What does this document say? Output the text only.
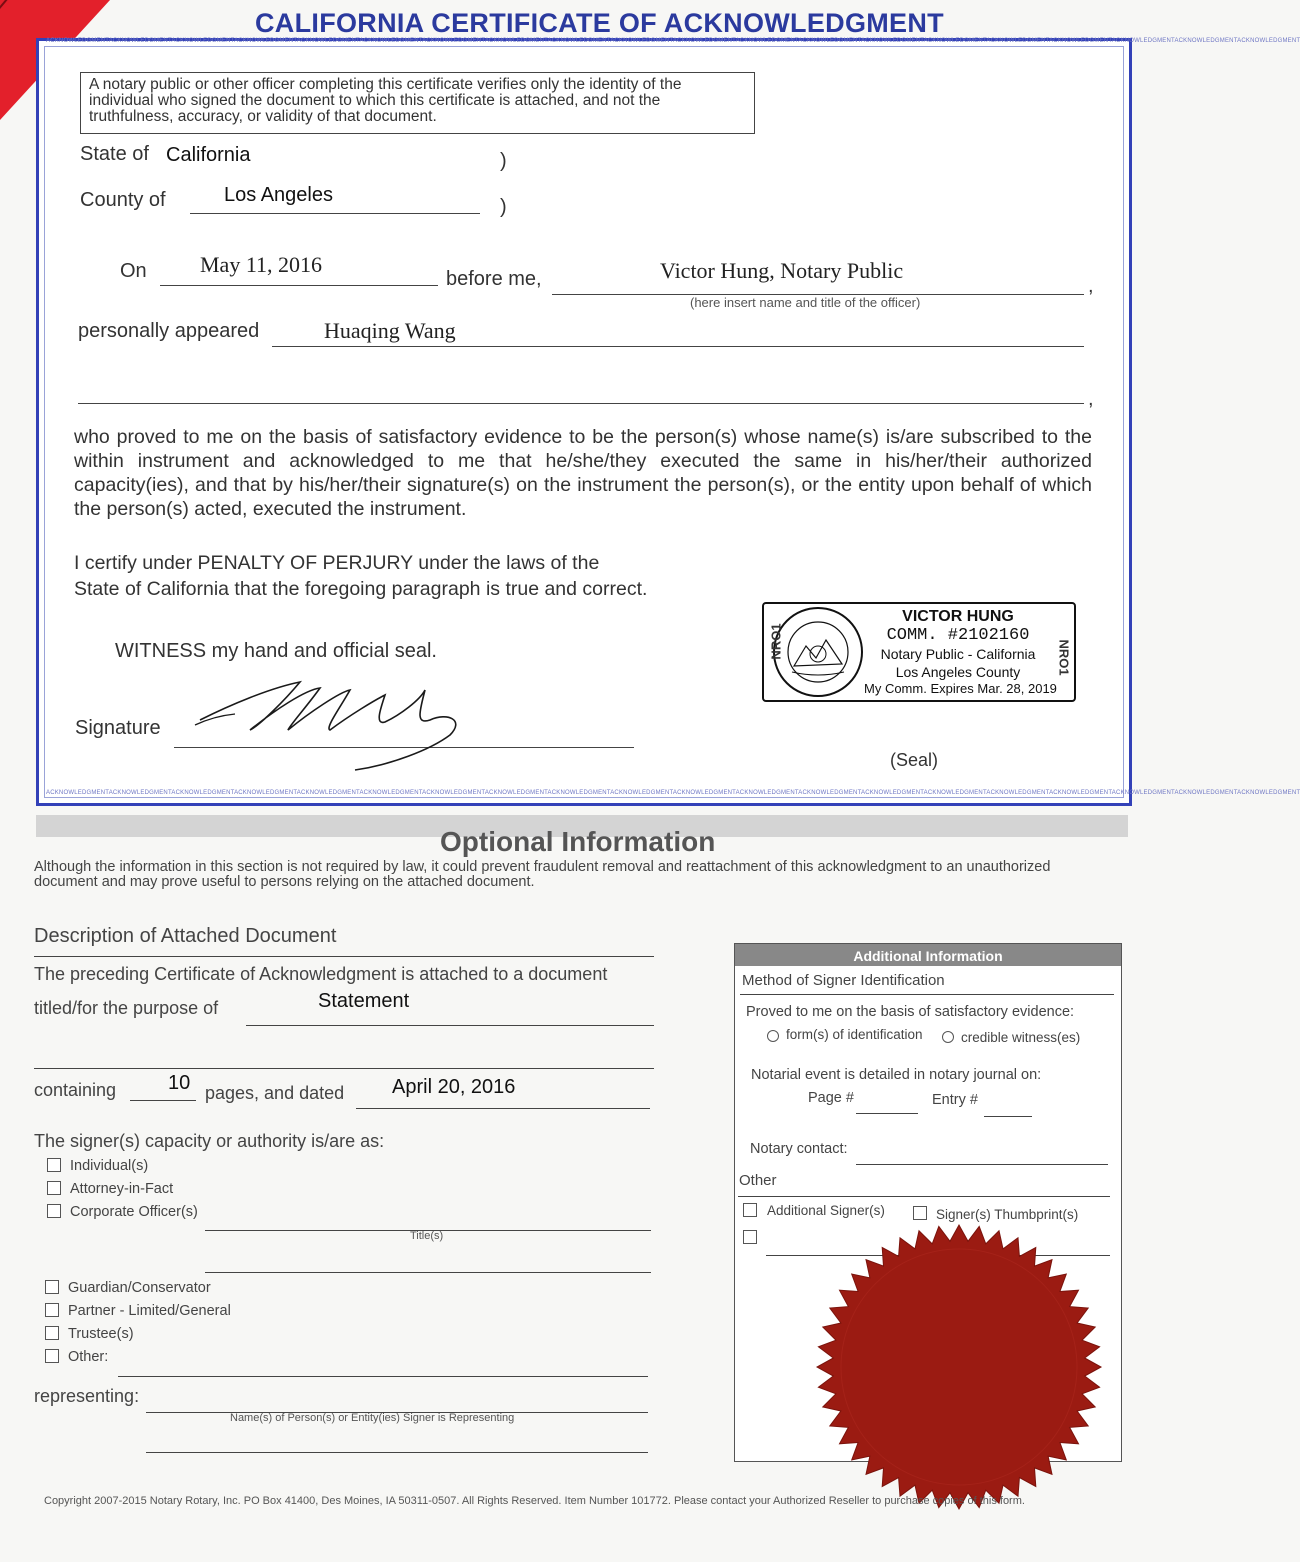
CALIFORNIA CERTIFICATE OF ACKNOWLEDGMENT
ACKNOWLEDGMENTACKNOWLEDGMENTACKNOWLEDGMENTACKNOWLEDGMENTACKNOWLEDGMENTACKNOWLEDGMENTACKNOWLEDGMENTACKNOWLEDGMENTACKNOWLEDGMENTACKNOWLEDGMENTACKNOWLEDGMENTACKNOWLEDGMENTACKNOWLEDGMENTACKNOWLEDGMENTACKNOWLEDGMENTACKNOWLEDGMENTACKNOWLEDGMENTACKNOWLEDGMENTACKNOWLEDGMENTACKNOWLEDGMENT
ACKNOWLEDGMENTACKNOWLEDGMENTACKNOWLEDGMENTACKNOWLEDGMENTACKNOWLEDGMENTACKNOWLEDGMENTACKNOWLEDGMENTACKNOWLEDGMENTACKNOWLEDGMENTACKNOWLEDGMENTACKNOWLEDGMENTACKNOWLEDGMENTACKNOWLEDGMENTACKNOWLEDGMENTACKNOWLEDGMENTACKNOWLEDGMENTACKNOWLEDGMENTACKNOWLEDGMENTACKNOWLEDGMENTACKNOWLEDGMENT
A notary public or other officer completing this certificate verifies only the identity of the individual who signed the document to which this certificate is attached, and not the truthfulness, accuracy, or validity of that document.
State of California	)
County of	Los Angeles
)
On May 11, 2016
before me,	Victor Hung, Notary Public
,
(here insert name and title of the officer)
personally appeared	Huaqing Wang
,
who proved to me on the basis of satisfactory evidence to be the person(s) whose name(s) is/are subscribed to the within instrument and acknowledged to me that he/she/they executed the same in his/her/their authorized capacity(ies), and that by his/her/their signature(s) on the instrument the person(s), or the entity upon behalf of which the person(s) acted, executed the instrument.
I certify under PENALTY OF PERJURY under the laws of the
State of California that the foregoing paragraph is true and correct.
WITNESS my hand and official seal.
Signature
VICTOR HUNG
COMM. #2102160
Notary Public - California
Los Angeles County
My Comm. Expires Mar. 28, 2019
NRO1	NRO1
(Seal)
Optional Information
Although the information in this section is not required by law, it could prevent fraudulent removal and reattachment of this acknowledgment to an unauthorized document and may prove useful to persons relying on the attached document.
Description of Attached Document
The preceding Certificate of Acknowledgment is attached to a document
titled/for the purpose of	Statement
containing	10 pages, and dated April 20, 2016
The signer(s) capacity or authority is/are as:
Individual(s)
Attorney-in-Fact
Corporate Officer(s)
Title(s)
Guardian/Conservator
Partner - Limited/General
Trustee(s)
Other:
representing:
Name(s) of Person(s) or Entity(ies) Signer is Representing
Additional Information
Method of Signer Identification
Proved to me on the basis of satisfactory evidence:
form(s) of identification	credible witness(es)
Notarial event is detailed in notary journal on:
Page #	Entry #
Notary contact:
Other
Additional Signer(s)	Signer(s) Thumbprint(s)
Copyright 2007-2015 Notary Rotary, Inc. PO Box 41400, Des Moines, IA 50311-0507. All Rights Reserved. Item Number 101772. Please contact your Authorized Reseller to purchase copies of this form.
